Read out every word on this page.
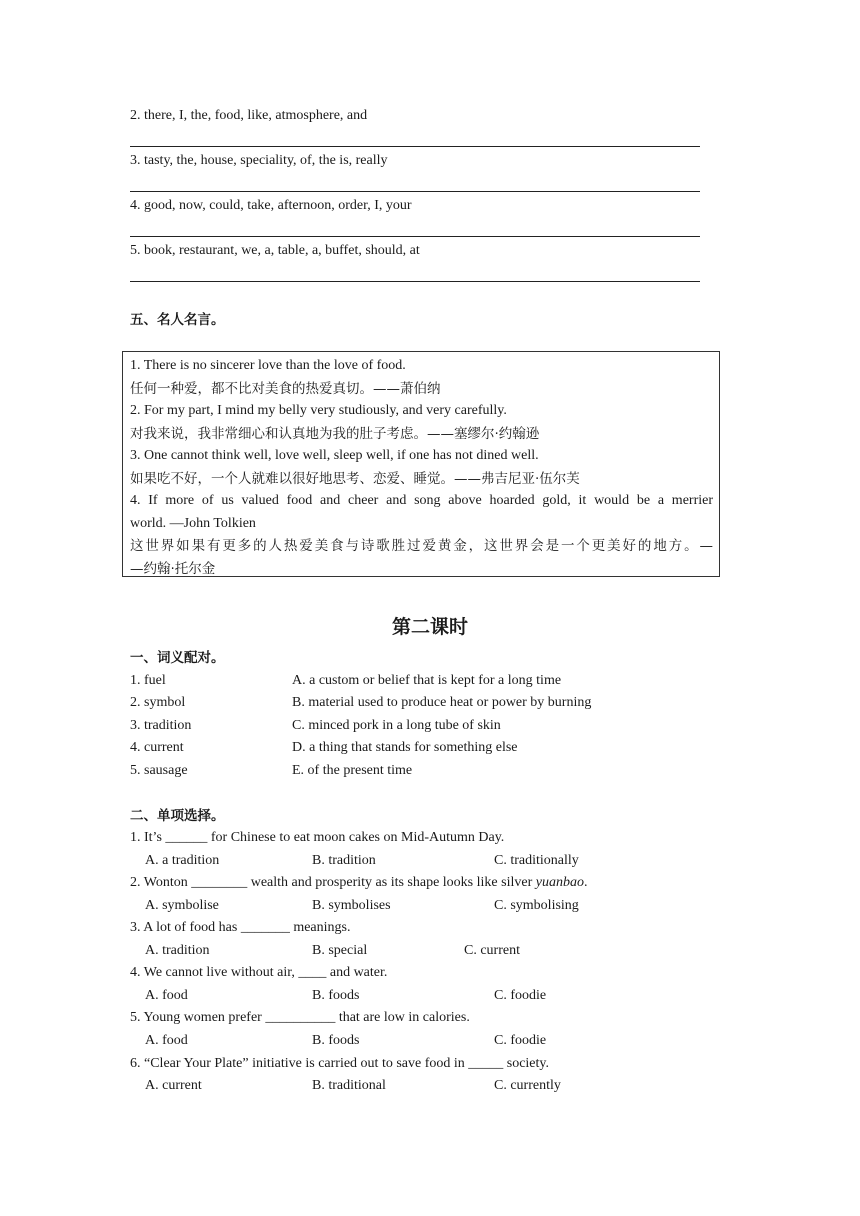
2. there, I, the, food, like, atmosphere, and
3. tasty, the, house, speciality, of, the is, really
4. good, now, could, take, afternoon, order, I, your
5. book, restaurant, we, a, table, a, buffet, should, at
五、名人名言。
1. There is no sincerer love than the love of food.
任何一种爱，都不比对美食的热爱真切。——萧伯纳
2. For my part, I mind my belly very studiously, and very carefully.
对我来说，我非常细心和认真地为我的肚子考虑。——塞缪尔·约翰逊
3. One cannot think well, love well, sleep well, if one has not dined well.
如果吃不好，一个人就难以很好地思考、恋爱、睡觉。——弗吉尼亚·伍尔芙
4. If more of us valued food and cheer and song above hoarded gold, it would be a merrier
world. —John Tolkien
这世界如果有更多的人热爱美食与诗歌胜过爱黄金，这世界会是一个更美好的地方。—
—约翰·托尔金
第二课时
一、词义配对。
1. fuel	A. a custom or belief that is kept for a long time
2. symbol	B. material used to produce heat or power by burning
3. tradition	C. minced pork in a long tube of skin
4. current	D. a thing that stands for something else
5. sausage	E. of the present time
二、单项选择。
1. It’s ______ for Chinese to eat moon cakes on Mid-Autumn Day.
A. a tradition	B. tradition	C. traditionally
2. Wonton ________ wealth and prosperity as its shape looks like silver yuanbao.
A. symbolise	B. symbolises	C. symbolising
3. A lot of food has _______ meanings.
A. tradition	B. special	C. current
4. We cannot live without air, ____ and water.
A. food	B. foods	C. foodie
5. Young women prefer __________ that are low in calories.
A. food	B. foods	C. foodie
6. “Clear Your Plate” initiative is carried out to save food in _____ society.
A. current	B. traditional	C. currently
